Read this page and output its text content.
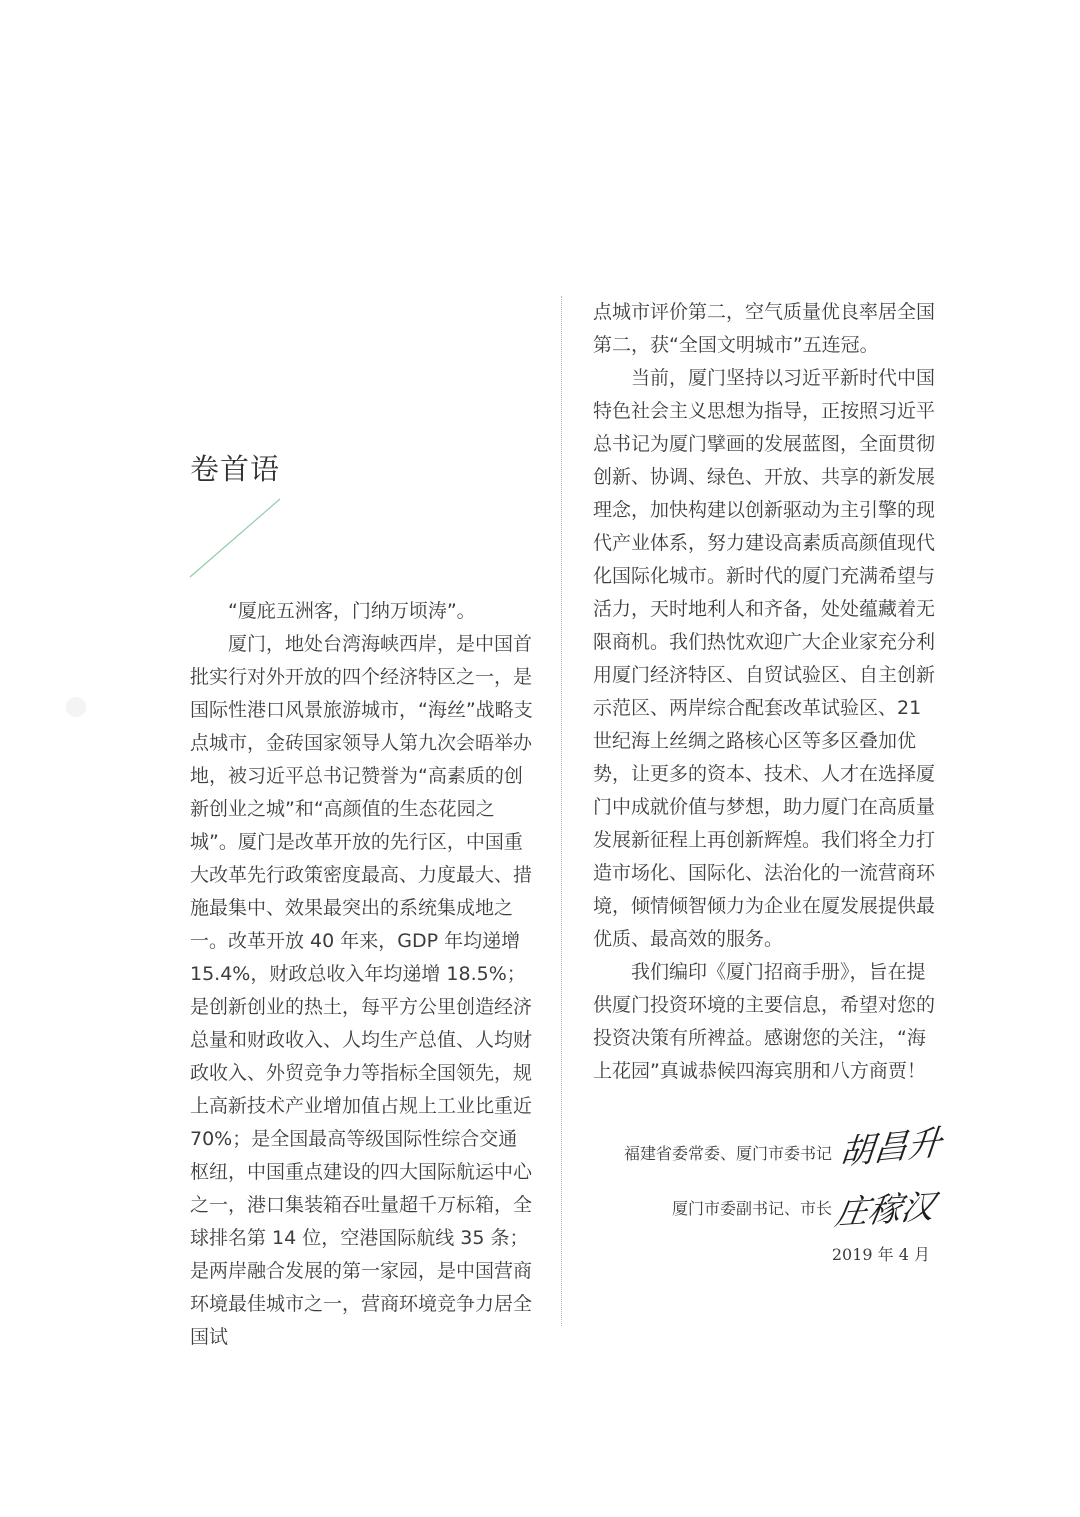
卷首语

“厦庇五洲客，门纳万顷涛”。

厦门，地处台湾海峡西岸，是中国首批实行对外开放的四个经济特区之一，是国际性港口风景旅游城市，“海丝”战略支点城市，金砖国家领导人第九次会晤举办地，被习近平总书记赞誉为“高素质的创新创业之城”和“高颜值的生态花园之城”。厦门是改革开放的先行区，中国重大改革先行政策密度最高、力度最大、措施最集中、效果最突出的系统集成地之一。改革开放 40 年来，GDP 年均递增 15.4%，财政总收入年均递增 18.5%；是创新创业的热土，每平方公里创造经济总量和财政收入、人均生产总值、人均财政收入、外贸竞争力等指标全国领先，规上高新技术产业增加值占规上工业比重近 70%；是全国最高等级国际性综合交通枢纽，中国重点建设的四大国际航运中心之一，港口集装箱吞吐量超千万标箱，全球排名第 14 位，空港国际航线 35 条；是两岸融合发展的第一家园，是中国营商环境最佳城市之一，营商环境竞争力居全国试

点城市评价第二，空气质量优良率居全国第二，获“全国文明城市”五连冠。

当前，厦门坚持以习近平新时代中国特色社会主义思想为指导，正按照习近平总书记为厦门擘画的发展蓝图，全面贯彻创新、协调、绿色、开放、共享的新发展理念，加快构建以创新驱动为主引擎的现代产业体系，努力建设高素质高颜值现代化国际化城市。新时代的厦门充满希望与活力，天时地利人和齐备，处处蕴藏着无限商机。我们热忱欢迎广大企业家充分利用厦门经济特区、自贸试验区、自主创新示范区、两岸综合配套改革试验区、21 世纪海上丝绸之路核心区等多区叠加优势，让更多的资本、技术、人才在选择厦门中成就价值与梦想，助力厦门在高质量发展新征程上再创新辉煌。我们将全力打造市场化、国际化、法治化的一流营商环境，倾情倾智倾力为企业在厦发展提供最优质、最高效的服务。

我们编印《厦门招商手册》，旨在提供厦门投资环境的主要信息，希望对您的投资决策有所裨益。感谢您的关注，“海上花园”真诚恭候四海宾朋和八方商贾！

福建省委常委、厦门市委书记 胡昌升
厦门市委副书记、市长 庄稼汉
2019 年 4 月
